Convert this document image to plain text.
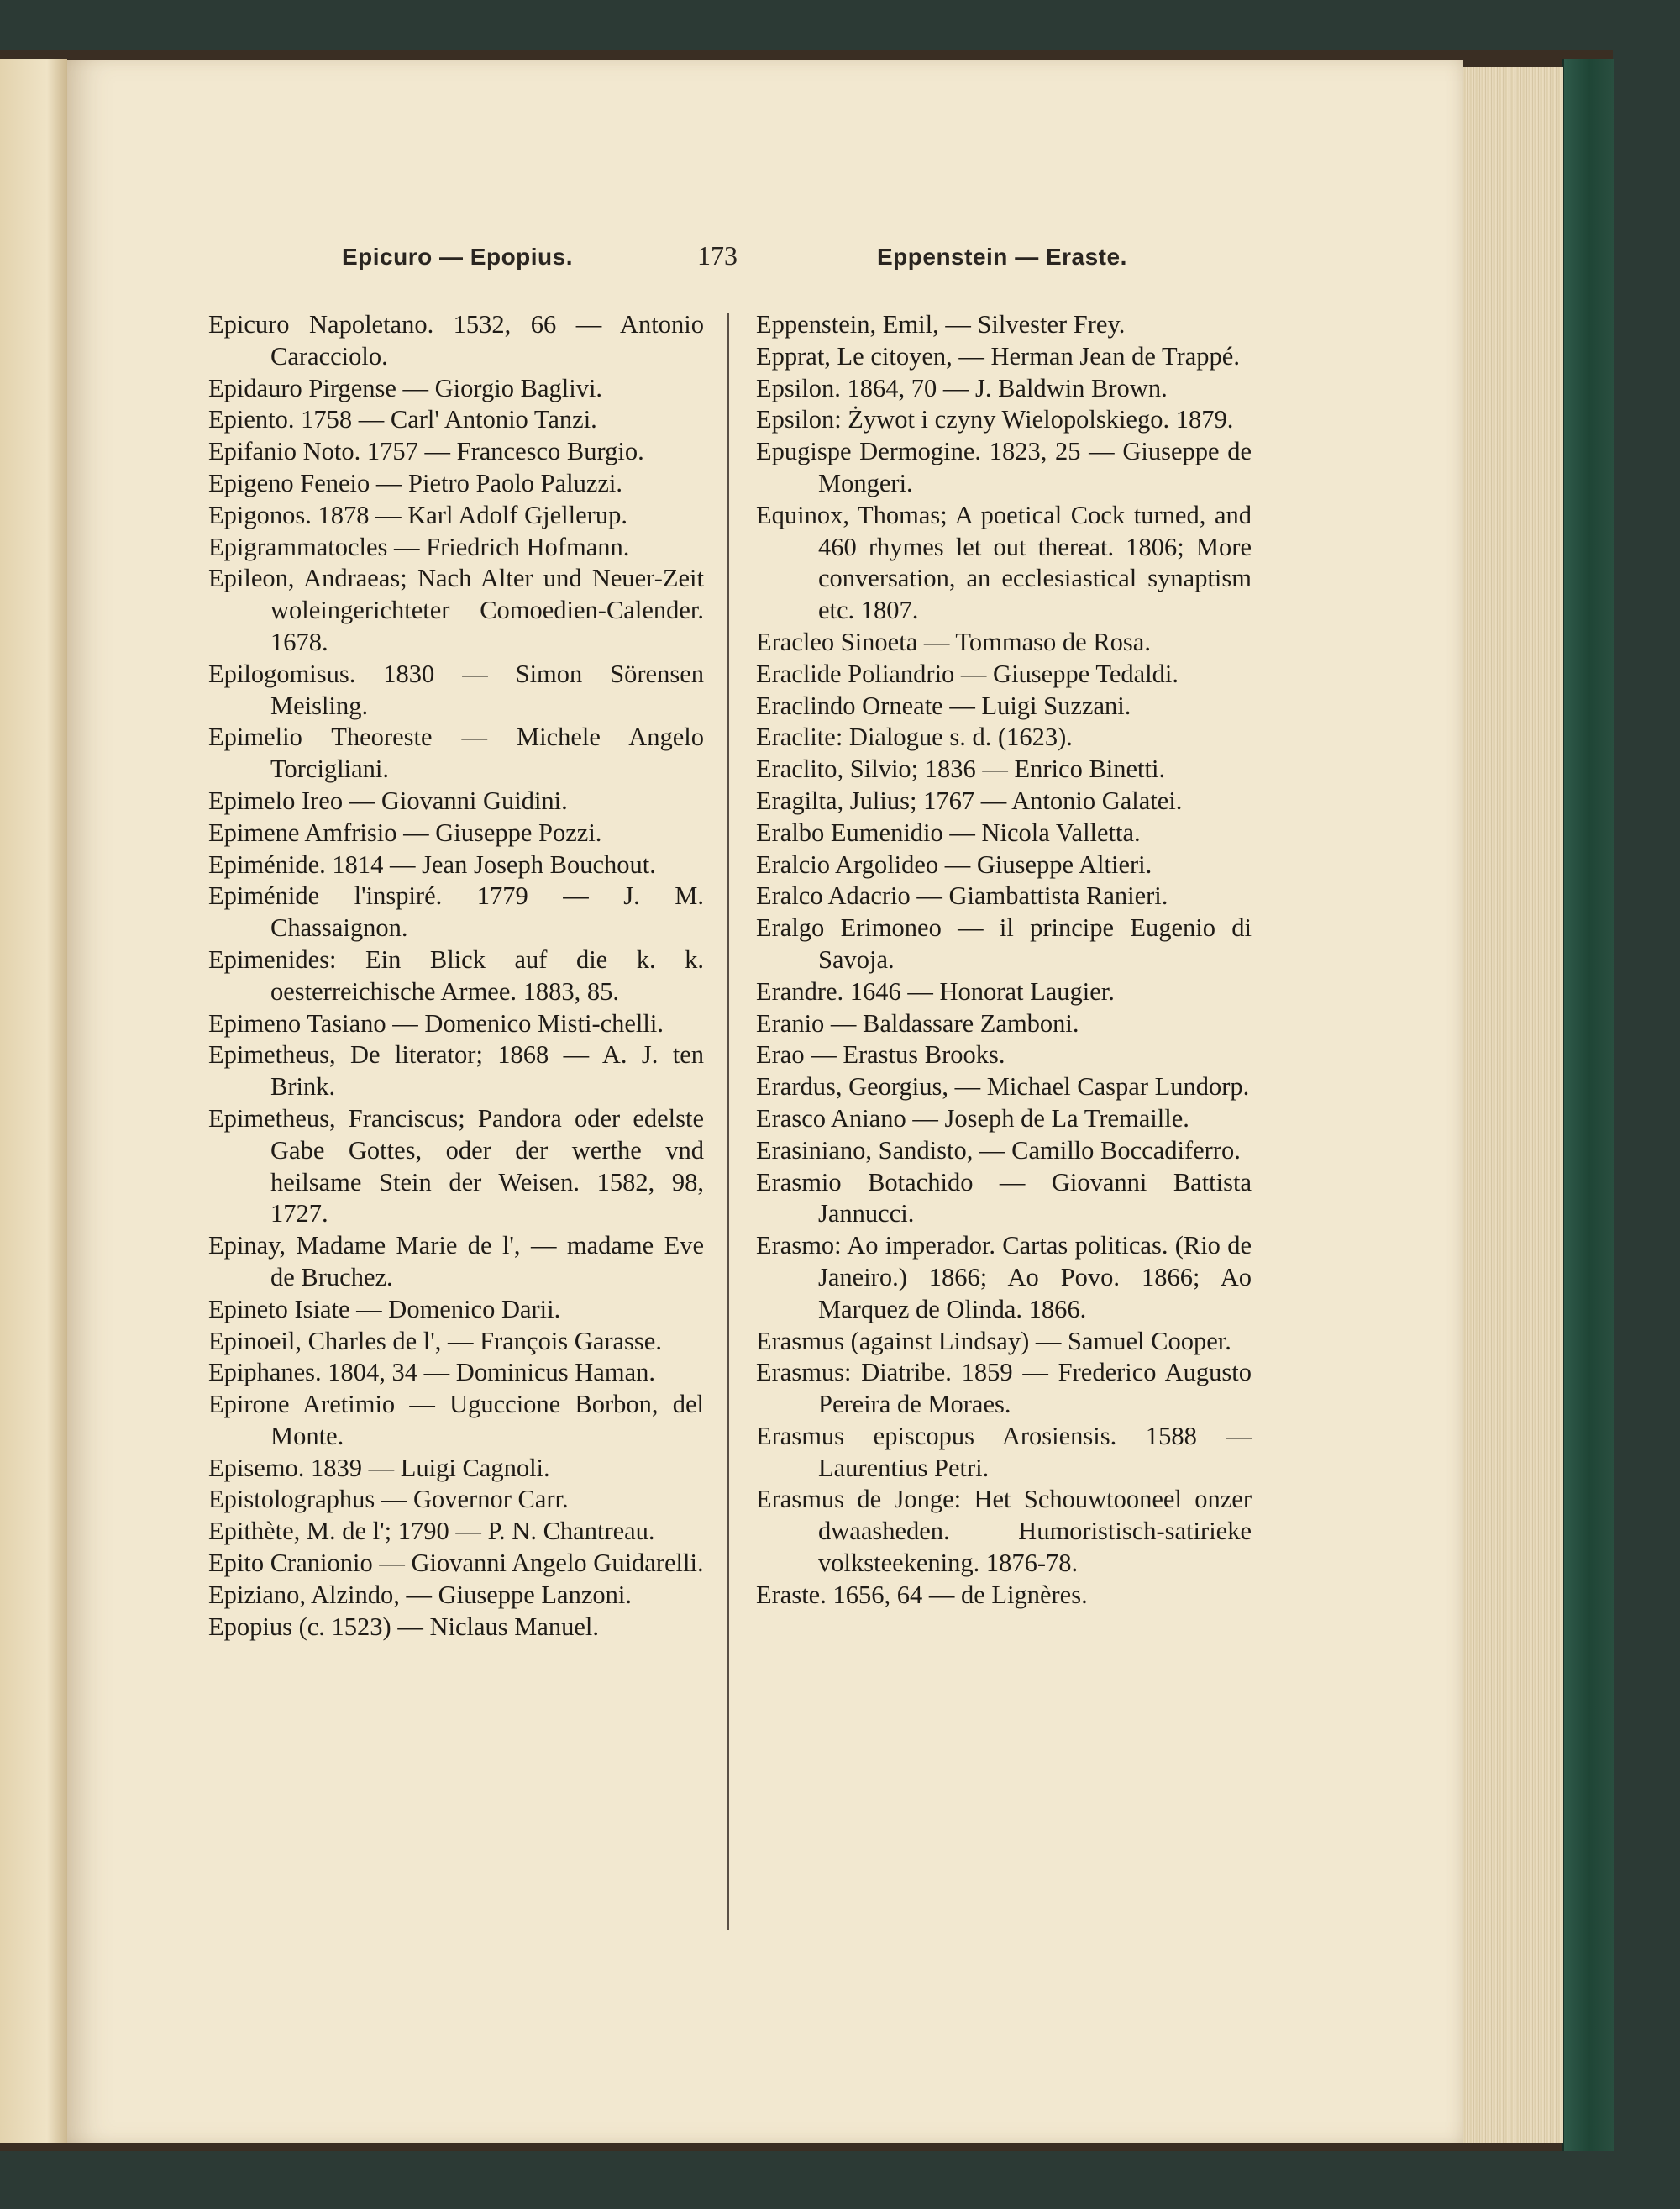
Epicuro — Epopius.	173	Eppenstein — Eraste.

Epicuro Napoletano. 1532, 66 — Antonio Caracciolo.

Epidauro Pirgense — Giorgio Baglivi.

Epiento. 1758 — Carl' Antonio Tanzi.

Epifanio Noto. 1757 — Francesco Burgio.

Epigeno Feneio — Pietro Paolo Paluzzi.

Epigonos. 1878 — Karl Adolf Gjellerup.

Epigrammatocles — Friedrich Hofmann.

Epileon, Andraeas; Nach Alter und Neuer-Zeit woleingerichteter Comoedien-Calender. 1678.

Epilogomisus. 1830 — Simon Sörensen Meisling.

Epimelio Theoreste — Michele Angelo Torcigliani.

Epimelo Ireo — Giovanni Guidini.

Epimene Amfrisio — Giuseppe Pozzi.

Epiménide. 1814 — Jean Joseph Bouchout.

Epiménide l'inspiré. 1779 — J. M. Chassaignon.

Epimenides: Ein Blick auf die k. k. oesterreichische Armee. 1883, 85.

Epimeno Tasiano — Domenico Misti-chelli.

Epimetheus, De literator; 1868 — A. J. ten Brink.

Epimetheus, Franciscus; Pandora oder edelste Gabe Gottes, oder der werthe vnd heilsame Stein der Weisen. 1582, 98, 1727.

Epinay, Madame Marie de l', — madame Eve de Bruchez.

Epineto Isiate — Domenico Darii.

Epinoeil, Charles de l', — François Garasse.

Epiphanes. 1804, 34 — Dominicus Haman.

Epirone Aretimio — Uguccione Borbon, del Monte.

Episemo. 1839 — Luigi Cagnoli.

Epistolographus — Governor Carr.

Epithète, M. de l'; 1790 — P. N. Chantreau.

Epito Cranionio — Giovanni Angelo Guidarelli.

Epiziano, Alzindo, — Giuseppe Lanzoni.

Epopius (c. 1523) — Niclaus Manuel.

Eppenstein, Emil, — Silvester Frey.

Epprat, Le citoyen, — Herman Jean de Trappé.

Epsilon. 1864, 70 — J. Baldwin Brown.

Epsilon: Żywot i czyny Wielopolskiego. 1879.

Epugispe Dermogine. 1823, 25 — Giuseppe de Mongeri.

Equinox, Thomas; A poetical Cock turned, and 460 rhymes let out thereat. 1806; More conversation, an ecclesiastical synaptism etc. 1807.

Eracleo Sinoeta — Tommaso de Rosa.

Eraclide Poliandrio — Giuseppe Tedaldi.

Eraclindo Orneate — Luigi Suzzani.

Eraclite: Dialogue s. d. (1623).

Eraclito, Silvio; 1836 — Enrico Binetti.

Eragilta, Julius; 1767 — Antonio Galatei.

Eralbo Eumenidio — Nicola Valletta.

Eralcio Argolideo — Giuseppe Altieri.

Eralco Adacrio — Giambattista Ranieri.

Eralgo Erimoneo — il principe Eugenio di Savoja.

Erandre. 1646 — Honorat Laugier.

Eranio — Baldassare Zamboni.

Erao — Erastus Brooks.

Erardus, Georgius, — Michael Caspar Lundorp.

Erasco Aniano — Joseph de La Tremaille.

Erasiniano, Sandisto, — Camillo Boccadiferro.

Erasmio Botachido — Giovanni Battista Jannucci.

Erasmo: Ao imperador. Cartas politicas. (Rio de Janeiro.) 1866; Ao Povo. 1866; Ao Marquez de Olinda. 1866.

Erasmus (against Lindsay) — Samuel Cooper.

Erasmus: Diatribe. 1859 — Frederico Augusto Pereira de Moraes.

Erasmus episcopus Arosiensis. 1588 — Laurentius Petri.

Erasmus de Jonge: Het Schouwtooneel onzer dwaasheden. Humoristisch-satirieke volksteekening. 1876-78.

Eraste. 1656, 64 — de Lignères.
